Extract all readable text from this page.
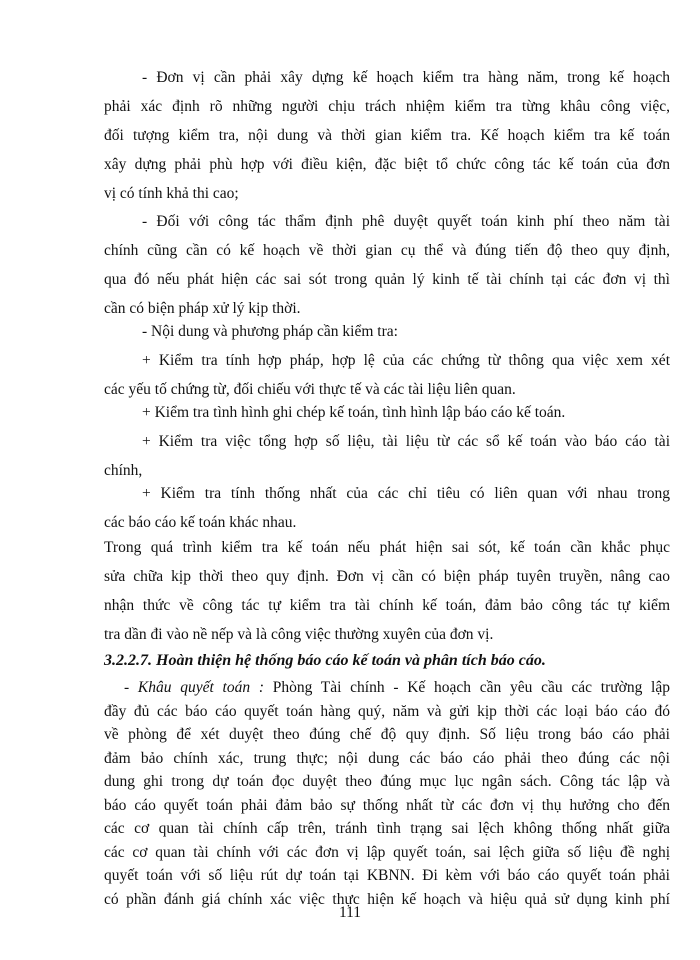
- Đơn vị cần phải xây dựng kế hoạch kiểm tra hàng năm, trong kế hoạch
phải xác định rõ những người chịu trách nhiệm kiểm tra từng khâu công việc,
đối tượng kiểm tra, nội dung và thời gian kiểm tra. Kế hoạch kiểm tra kế toán
xây dựng phải phù hợp với điều kiện, đặc biệt tổ chức công tác kế toán của đơn
vị có tính khả thi cao;
- Đối với công tác thẩm định phê duyệt quyết toán kinh phí theo năm tài
chính cũng cần có kế hoạch về thời gian cụ thể và đúng tiến độ theo quy định,
qua đó nếu phát hiện các sai sót trong quản lý kinh tế tài chính tại các đơn vị thì
cần có biện pháp xử lý kịp thời.
- Nội dung và phương pháp cần kiểm tra:
+ Kiểm tra tính hợp pháp, hợp lệ của các chứng từ thông qua việc xem xét
các yếu tố chứng từ, đối chiếu với thực tế và các tài liệu liên quan.
+ Kiểm tra tình hình ghi chép kế toán, tình hình lập báo cáo kế toán.
+ Kiểm tra việc tổng hợp số liệu, tài liệu từ các sổ kế toán vào báo cáo tài
chính,
+ Kiểm tra tính thống nhất của các chỉ tiêu có liên quan với nhau trong
các báo cáo kế toán khác nhau.
Trong quá trình kiểm tra kế toán nếu phát hiện sai sót, kế toán cần khắc phục
sửa chữa kịp thời theo quy định. Đơn vị cần có biện pháp tuyên truyền, nâng cao
nhận thức về công tác tự kiểm tra tài chính kế toán, đảm bảo công tác tự kiểm
tra dần đi vào nề nếp và là công việc thường xuyên của đơn vị.
3.2.2.7. Hoàn thiện hệ thống báo cáo kế toán và phân tích báo cáo.
- Khâu quyết toán : Phòng Tài chính - Kế hoạch cần yêu cầu các trường lập
đầy đủ các báo cáo quyết toán hàng quý, năm và gửi kịp thời các loại báo cáo đó
về phòng để xét duyệt theo đúng chế độ quy định. Số liệu trong báo cáo phải
đảm bảo chính xác, trung thực; nội dung các báo cáo phải theo đúng các nội
dung ghi trong dự toán đọc duyệt theo đúng mục lục ngân sách. Công tác lập và
báo cáo quyết toán phải đảm bảo sự thống nhất từ các đơn vị thụ hưởng cho đến
các cơ quan tài chính cấp trên, tránh tình trạng sai lệch không thống nhất giữa
các cơ quan tài chính với các đơn vị lập quyết toán, sai lệch giữa số liệu đề nghị
quyết toán với số liệu rút dự toán tại KBNN. Đi kèm với báo cáo quyết toán phải
có phần đánh giá chính xác việc thực hiện kế hoạch và hiệu quả sử dụng kinh phí
111
